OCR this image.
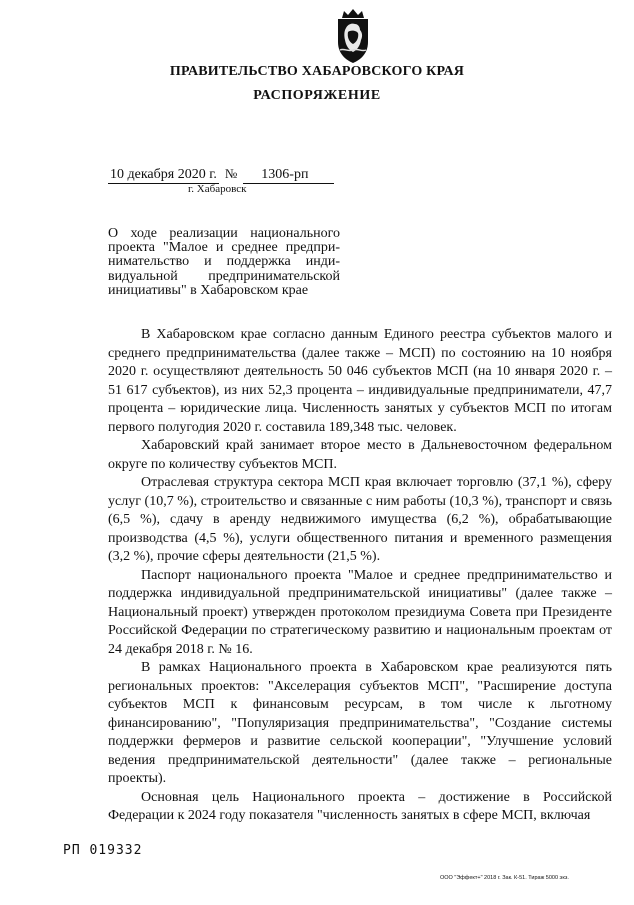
ПРАВИТЕЛЬСТВО ХАБАРОВСКОГО КРАЯ
РАСПОРЯЖЕНИЕ
10 декабря 2020 г. № 1306-рп
г. Хабаровск
О ходе реализации национального
проекта "Малое и среднее предпри-
нимательство и поддержка инди-
видуальной предпринимательской
инициативы" в Хабаровском крае

В Хабаровском крае согласно данным Единого реестра субъектов малого и среднего предпринимательства (далее также – МСП) по состоянию на 10 ноября 2020 г. осуществляют деятельность 50 046 субъектов МСП (на 10 января 2020 г. – 51 617 субъектов), из них 52,3 процента – индивидуальные предприниматели, 47,7 процента – юридические лица. Численность занятых у субъектов МСП по итогам первого полугодия 2020 г. составила 189,348 тыс. человек.

Хабаровский край занимает второе место в Дальневосточном федеральном округе по количеству субъектов МСП.

Отраслевая структура сектора МСП края включает торговлю (37,1 %), сферу услуг (10,7 %), строительство и связанные с ним работы (10,3 %), транспорт и связь (6,5 %), сдачу в аренду недвижимого имущества (6,2 %), обрабатывающие производства (4,5 %), услуги общественного питания и временного размещения (3,2 %), прочие сферы деятельности (21,5 %).

Паспорт национального проекта "Малое и среднее предпринимательство и поддержка индивидуальной предпринимательской инициативы" (далее также – Национальный проект) утвержден протоколом президиума Совета при Президенте Российской Федерации по стратегическому развитию и национальным проектам от 24 декабря 2018 г. № 16.

В рамках Национального проекта в Хабаровском крае реализуются пять региональных проектов: "Акселерация субъектов МСП", "Расширение доступа субъектов МСП к финансовым ресурсам, в том числе к льготному финансированию", "Популяризация предпринимательства", "Создание системы поддержки фермеров и развитие сельской кооперации", "Улучшение условий ведения предпринимательской деятельности" (далее также – региональные проекты).

Основная цель Национального проекта – достижение в Российской Федерации к 2024 году показателя "численность занятых в сфере МСП, включая

РП 019332
ООО "Эффект+" 2018 г. Зак. К-51. Тираж 5000 экз.
